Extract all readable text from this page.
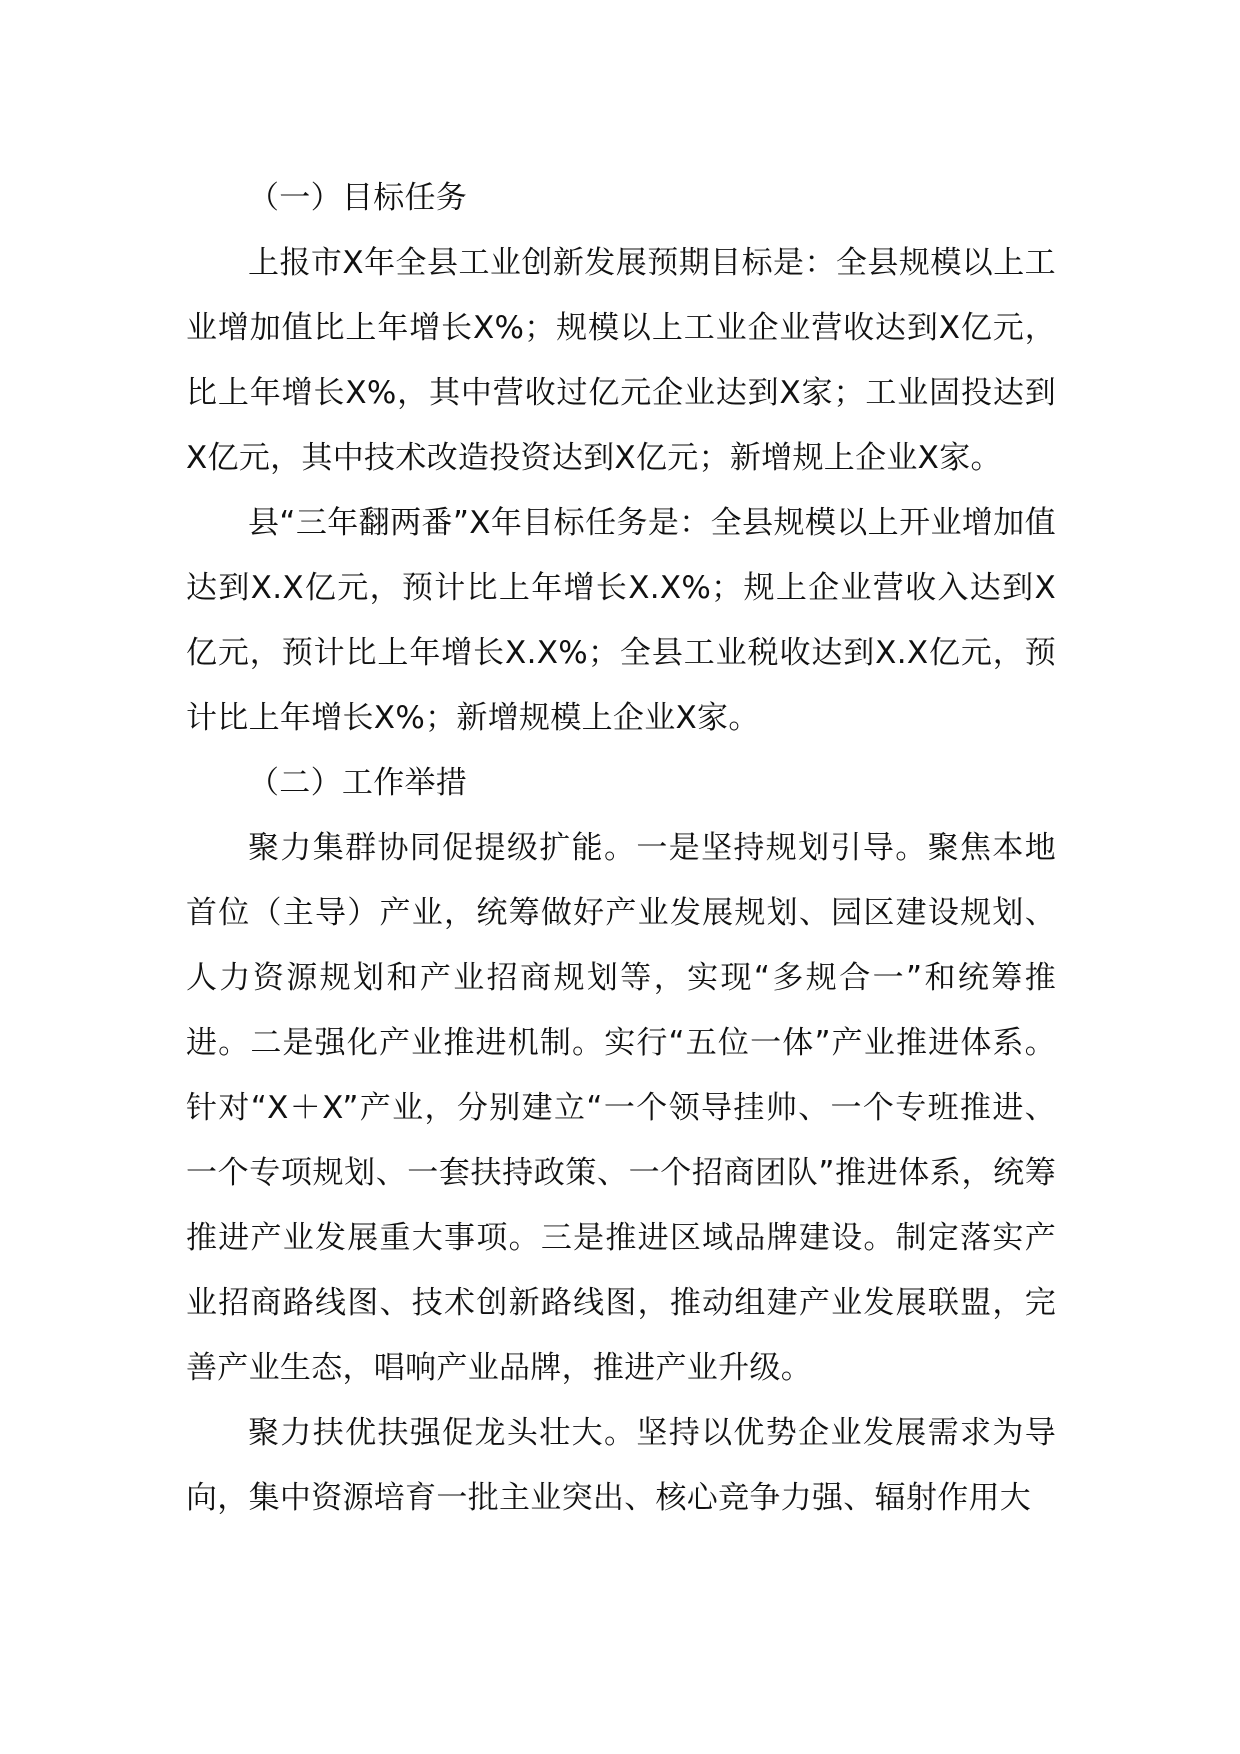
（一）目标任务

上报市X年全县工业创新发展预期目标是：全县规模以上工业增加值比上年增长X%；规模以上工业企业营收达到X亿元，比上年增长X%，其中营收过亿元企业达到X家；工业固投达到X亿元，其中技术改造投资达到X亿元；新增规上企业X家。

县“三年翻两番”X年目标任务是：全县规模以上开业增加值达到X.X亿元，预计比上年增长X.X%；规上企业营收入达到X亿元，预计比上年增长X.X%；全县工业税收达到X.X亿元，预计比上年增长X%；新增规模上企业X家。

（二）工作举措

聚力集群协同促提级扩能。一是坚持规划引导。聚焦本地首位（主导）产业，统筹做好产业发展规划、园区建设规划、人力资源规划和产业招商规划等，实现“多规合一”和统筹推进。二是强化产业推进机制。实行“五位一体”产业推进体系。针对“X＋X”产业，分别建立“一个领导挂帅、一个专班推进、一个专项规划、一套扶持政策、一个招商团队”推进体系，统筹推进产业发展重大事项。三是推进区域品牌建设。制定落实产业招商路线图、技术创新路线图，推动组建产业发展联盟，完善产业生态，唱响产业品牌，推进产业升级。

聚力扶优扶强促龙头壮大。坚持以优势企业发展需求为导向，集中资源培育一批主业突出、核心竞争力强、辐射作用大
